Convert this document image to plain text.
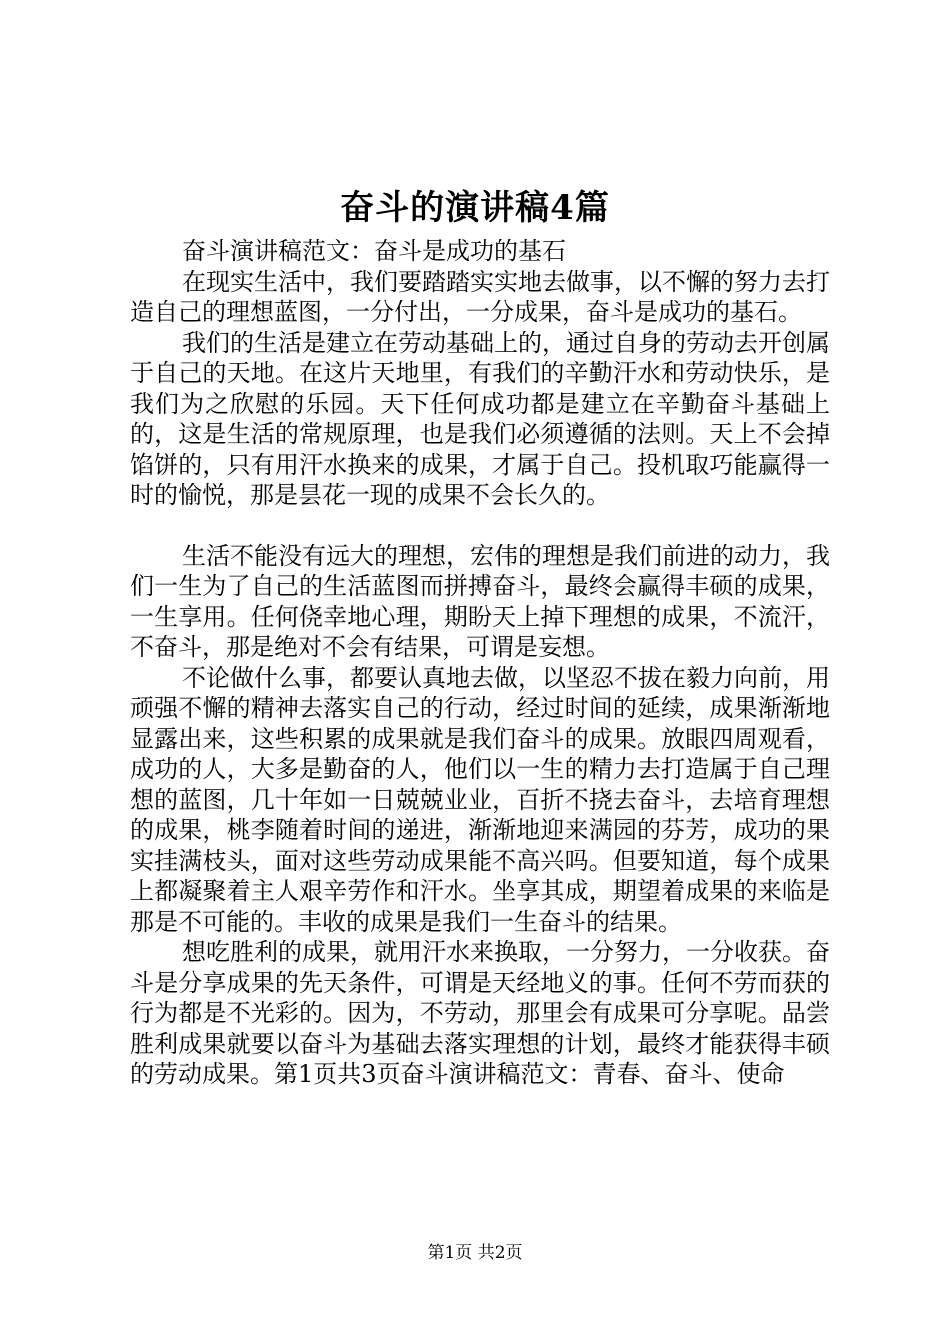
奋斗的演讲稿4篇

奋斗演讲稿范文：奋斗是成功的基石

在现实生活中，我们要踏踏实实地去做事，以不懈的努力去打造自己的理想蓝图，一分付出，一分成果，奋斗是成功的基石。

我们的生活是建立在劳动基础上的，通过自身的劳动去开创属于自己的天地。在这片天地里，有我们的辛勤汗水和劳动快乐，是我们为之欣慰的乐园。天下任何成功都是建立在辛勤奋斗基础上的，这是生活的常规原理，也是我们必须遵循的法则。天上不会掉馅饼的，只有用汗水换来的成果，才属于自己。投机取巧能赢得一时的愉悦，那是昙花一现的成果不会长久的。

生活不能没有远大的理想，宏伟的理想是我们前进的动力，我们一生为了自己的生活蓝图而拼搏奋斗，最终会赢得丰硕的成果，一生享用。任何侥幸地心理，期盼天上掉下理想的成果，不流汗，不奋斗，那是绝对不会有结果，可谓是妄想。

不论做什么事，都要认真地去做，以坚忍不拔在毅力向前，用顽强不懈的精神去落实自己的行动，经过时间的延续，成果渐渐地显露出来，这些积累的成果就是我们奋斗的成果。放眼四周观看，成功的人，大多是勤奋的人，他们以一生的精力去打造属于自己理想的蓝图，几十年如一日兢兢业业，百折不挠去奋斗，去培育理想的成果，桃李随着时间的递进，渐渐地迎来满园的芬芳，成功的果实挂满枝头，面对这些劳动成果能不高兴吗。但要知道，每个成果上都凝聚着主人艰辛劳作和汗水。坐享其成，期望着成果的来临是那是不可能的。丰收的成果是我们一生奋斗的结果。

想吃胜利的成果，就用汗水来换取，一分努力，一分收获。奋斗是分享成果的先天条件，可谓是天经地义的事。任何不劳而获的行为都是不光彩的。因为，不劳动，那里会有成果可分享呢。品尝胜利成果就要以奋斗为基础去落实理想的计划，最终才能获得丰硕的劳动成果。第1页共3页奋斗演讲稿范文：青春、奋斗、使命

第1页 共2页
